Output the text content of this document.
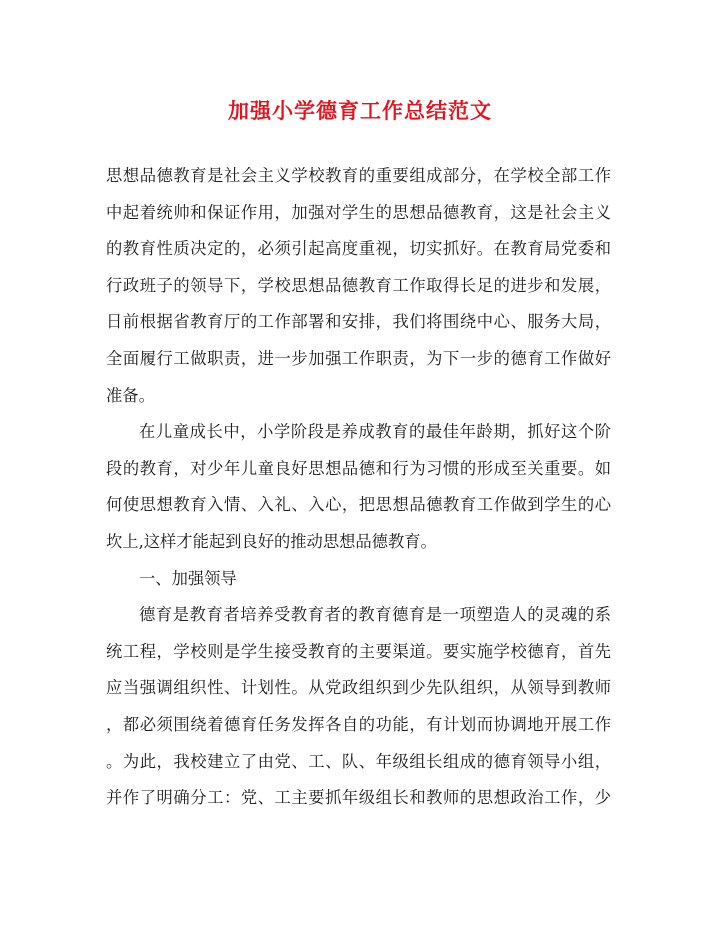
加强小学德育工作总结范文
思想品德教育是社会主义学校教育的重要组成部分，在学校全部工作
中起着统帅和保证作用，加强对学生的思想品德教育，这是社会主义
的教育性质决定的，必须引起高度重视，切实抓好。在教育局党委和
行政班子的领导下，学校思想品德教育工作取得长足的进步和发展，
日前根据省教育厅的工作部署和安排，我们将围绕中心、服务大局，
全面履行工做职责，进一步加强工作职责，为下一步的德育工作做好
准备。
在儿童成长中，小学阶段是养成教育的最佳年龄期，抓好这个阶
段的教育，对少年儿童良好思想品德和行为习惯的形成至关重要。如
何使思想教育入情、入礼、入心，把思想品德教育工作做到学生的心
坎上,这样才能起到良好的推动思想品德教育。
一、加强领导
德育是教育者培养受教育者的教育德育是一项塑造人的灵魂的系
统工程，学校则是学生接受教育的主要渠道。要实施学校德育，首先
应当强调组织性、计划性。从党政组织到少先队组织，从领导到教师
，都必须围绕着德育任务发挥各自的功能，有计划而协调地开展工作
。为此，我校建立了由党、工、队、年级组长组成的德育领导小组，
并作了明确分工：党、工主要抓年级组长和教师的思想政治工作，少
